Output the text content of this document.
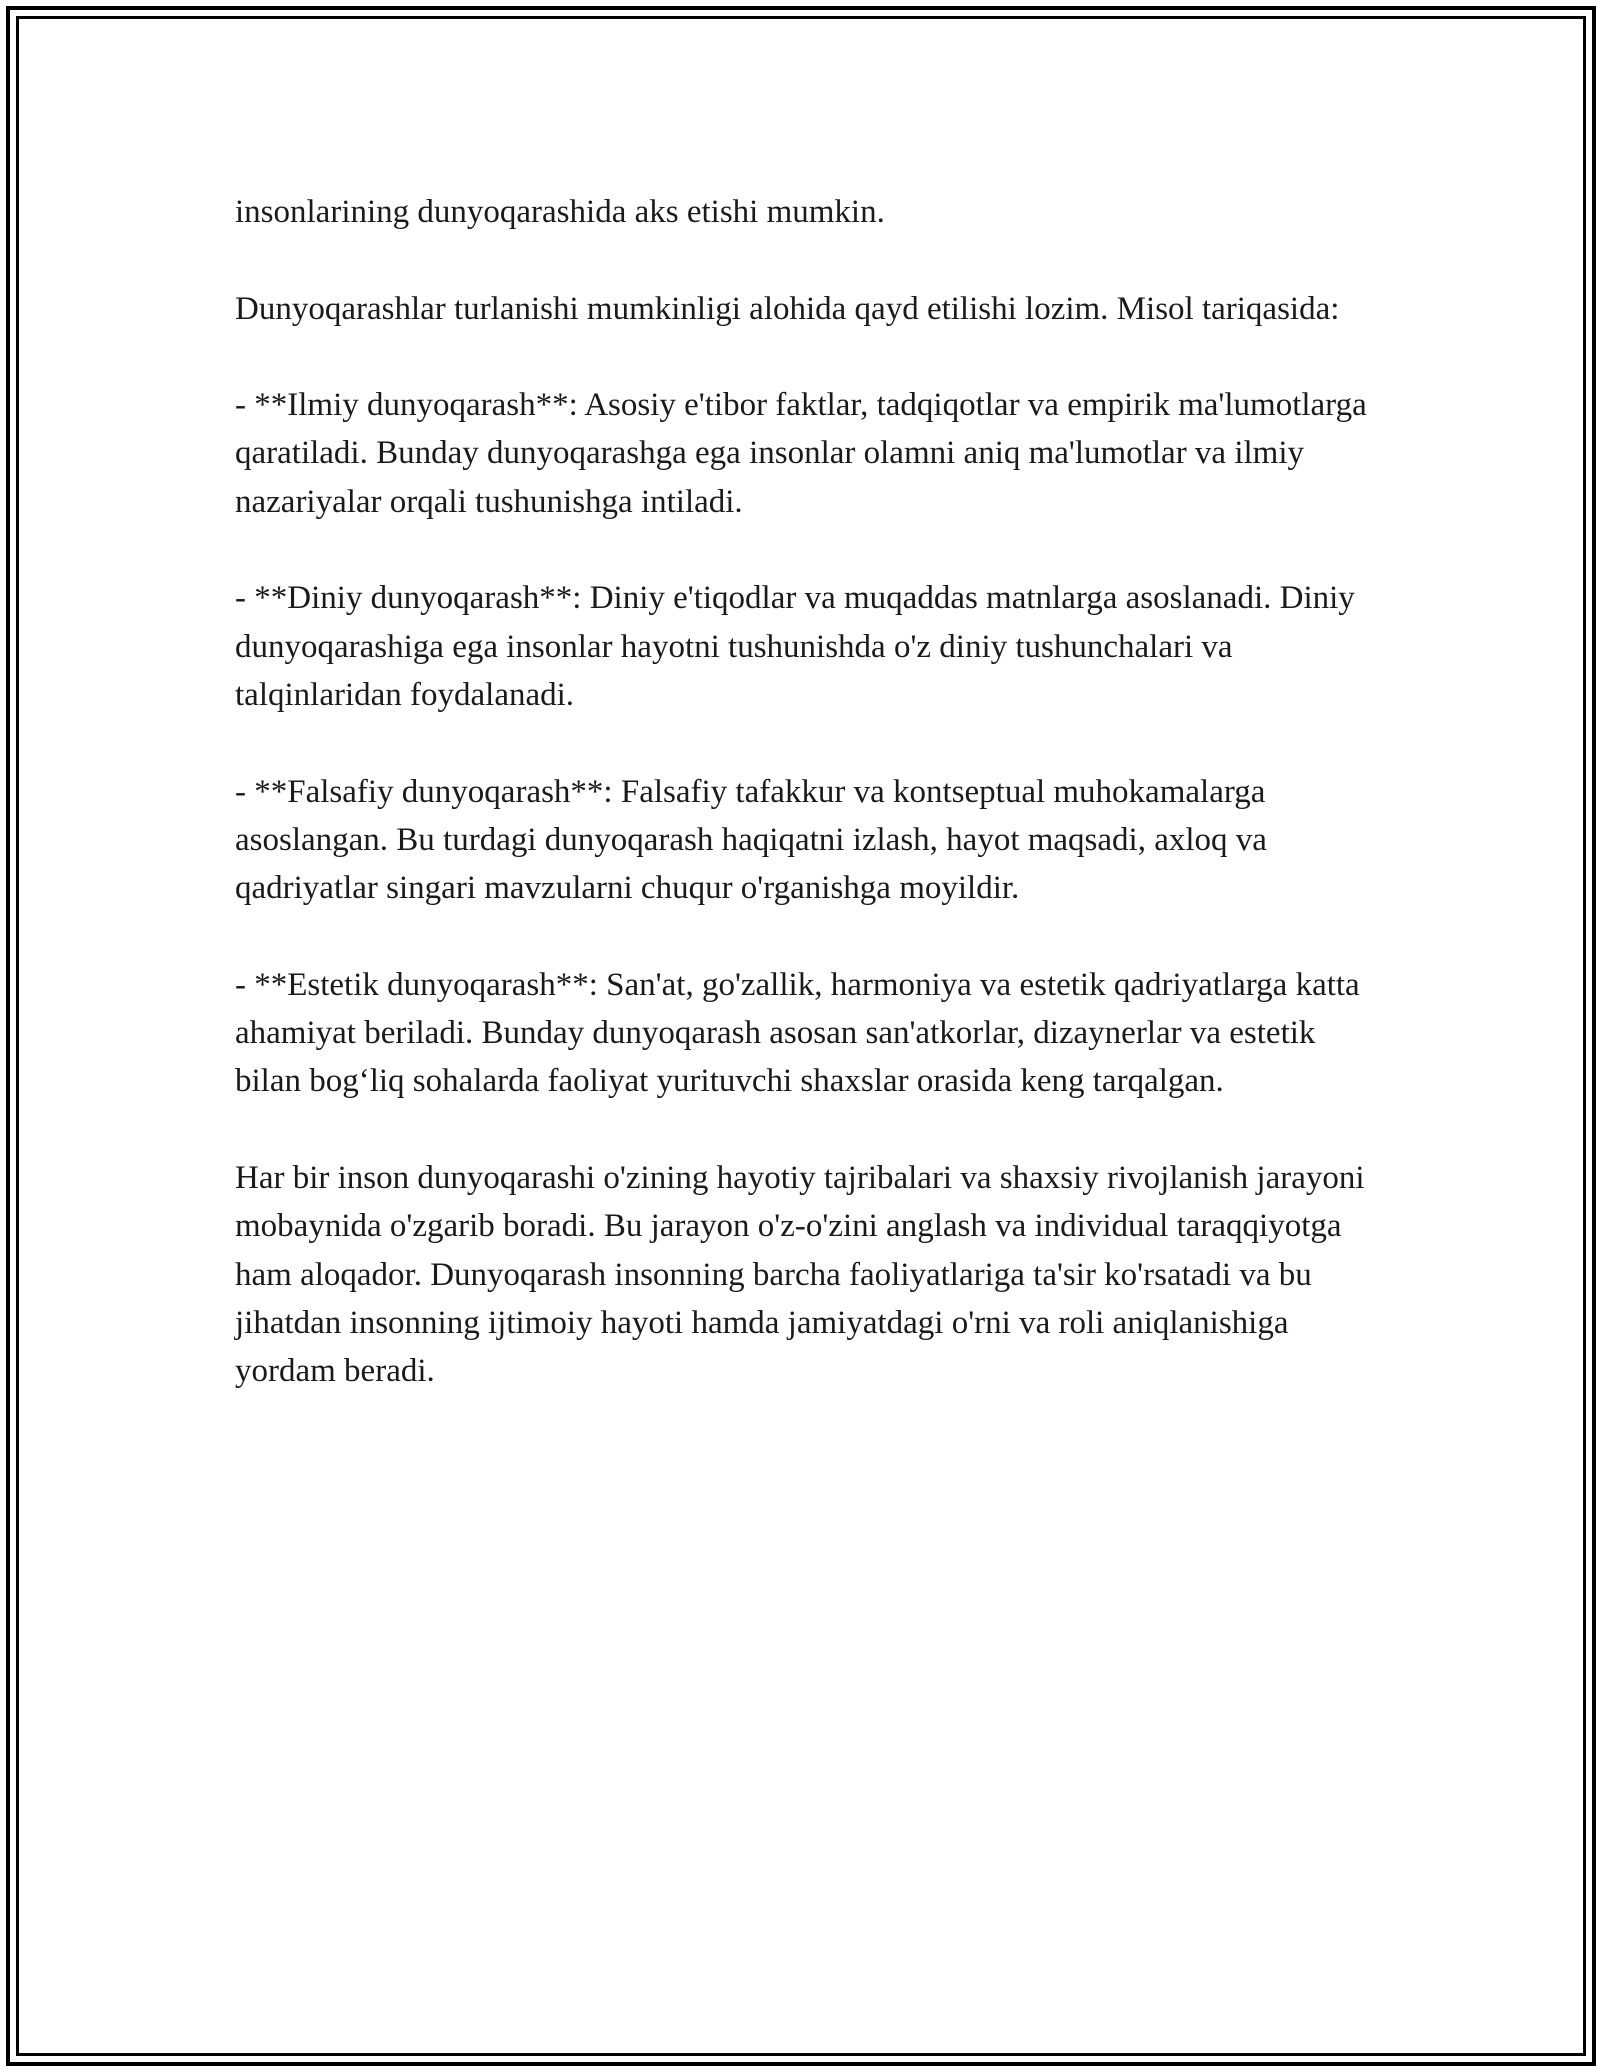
insonlarining dunyoqarashida aks etishi mumkin.

Dunyoqarashlar turlanishi mumkinligi alohida qayd etilishi lozim. Misol tariqasida:

- **Ilmiy dunyoqarash**: Asosiy e'tibor faktlar, tadqiqotlar va empirik ma'lumotlarga qaratiladi. Bunday dunyoqarashga ega insonlar olamni aniq ma'lumotlar va ilmiy nazariyalar orqali tushunishga intiladi.

- **Diniy dunyoqarash**: Diniy e'tiqodlar va muqaddas matnlarga asoslanadi. Diniy dunyoqarashiga ega insonlar hayotni tushunishda o'z diniy tushunchalari va talqinlaridan foydalanadi.

- **Falsafiy dunyoqarash**: Falsafiy tafakkur va kontseptual muhokamalarga asoslangan. Bu turdagi dunyoqarash haqiqatni izlash, hayot maqsadi, axloq va qadriyatlar singari mavzularni chuqur o'rganishga moyildir.

- **Estetik dunyoqarash**: San'at, go'zallik, harmoniya va estetik qadriyatlarga katta ahamiyat beriladi. Bunday dunyoqarash asosan san'atkorlar, dizaynerlar va estetik bilan bog‘liq sohalarda faoliyat yurituvchi shaxslar orasida keng tarqalgan.

Har bir inson dunyoqarashi o'zining hayotiy tajribalari va shaxsiy rivojlanish jarayoni mobaynida o'zgarib boradi. Bu jarayon o'z-o'zini anglash va individual taraqqiyotga ham aloqador. Dunyoqarash insonning barcha faoliyatlariga ta'sir ko'rsatadi va bu jihatdan insonning ijtimoiy hayoti hamda jamiyatdagi o'rni va roli aniqlanishiga yordam beradi.
